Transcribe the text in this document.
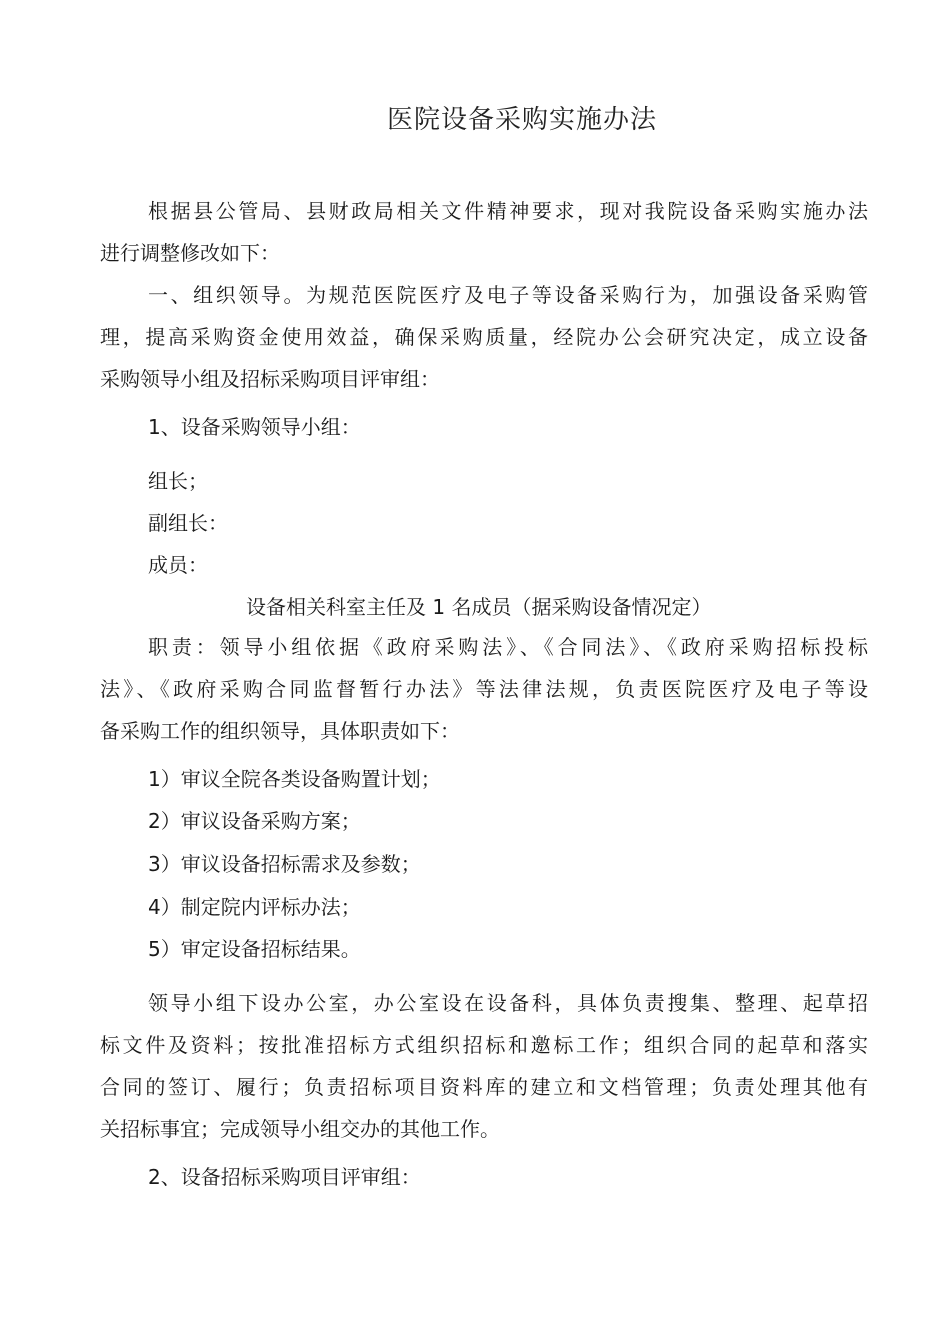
医院设备采购实施办法
根据县公管局、县财政局相关文件精神要求，现对我院设备采购实施办法
进行调整修改如下：
一、组织领导。为规范医院医疗及电子等设备采购行为，加强设备采购管
理，提高采购资金使用效益，确保采购质量，经院办公会研究决定，成立设备
采购领导小组及招标采购项目评审组：
1、设备采购领导小组：
组长；
副组长：
成员：
设备相关科室主任及 1 名成员（据采购设备情况定）
职责：领导小组依据《政府采购法》、《合同法》、《政府采购招标投标
法》、《政府采购合同监督暂行办法》等法律法规，负责医院医疗及电子等设
备采购工作的组织领导，具体职责如下：
1）审议全院各类设备购置计划；
2）审议设备采购方案；
3）审议设备招标需求及参数；
4）制定院内评标办法；
5）审定设备招标结果。
领导小组下设办公室，办公室设在设备科，具体负责搜集、整理、起草招
标文件及资料；按批准招标方式组织招标和邀标工作；组织合同的起草和落实
合同的签订、履行；负责招标项目资料库的建立和文档管理；负责处理其他有
关招标事宜；完成领导小组交办的其他工作。
2、设备招标采购项目评审组：
